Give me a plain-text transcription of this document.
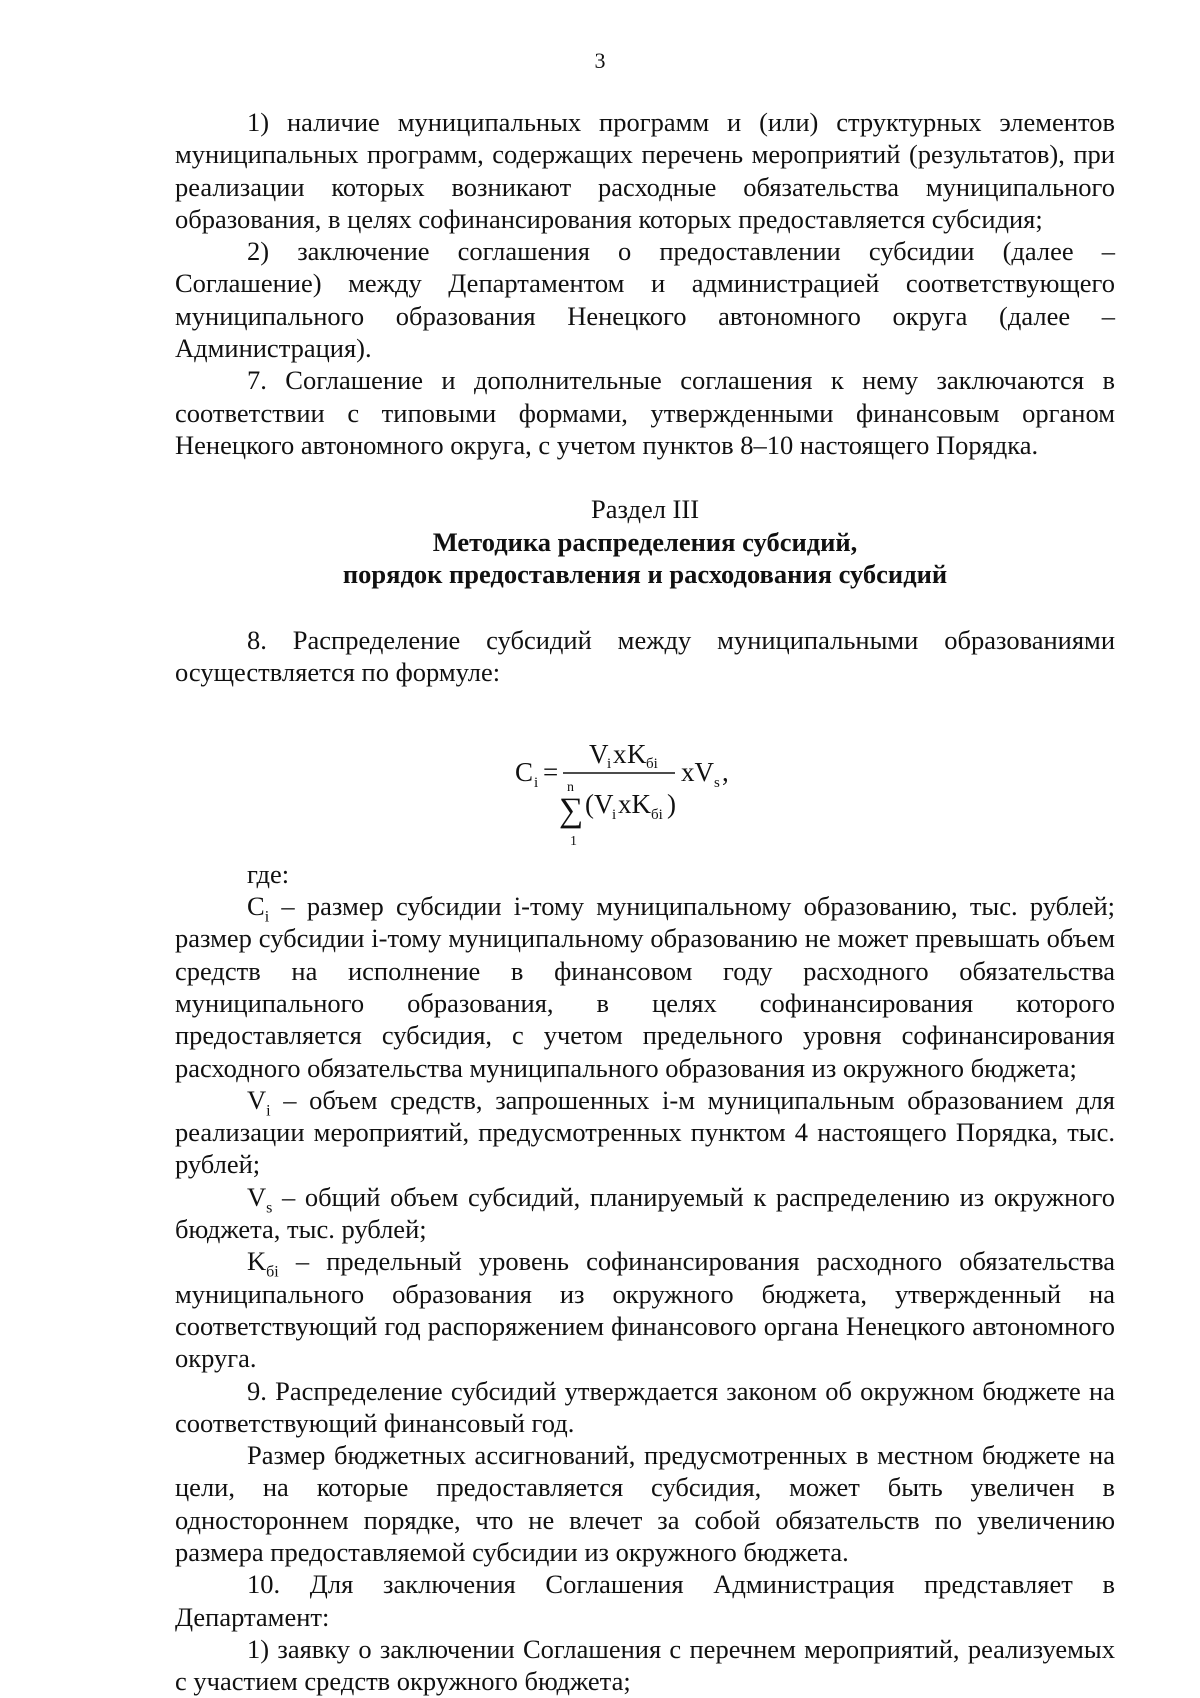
3

1) наличие муниципальных программ и (или) структурных элементов муниципальных программ, содержащих перечень мероприятий (результатов), при реализации которых возникают расходные обязательства муниципального образования, в целях софинансирования которых предоставляется субсидия;

2) заключение соглашения о предоставлении субсидии (далее – Соглашение) между Департаментом и администрацией соответствующего муниципального образования Ненецкого автономного округа (далее – Администрация).

7. Соглашение и дополнительные соглашения к нему заключаются в соответствии с типовыми формами, утвержденными финансовым органом Ненецкого автономного округа, с учетом пунктов 8–10 настоящего Порядка.

Раздел III
Методика распределения субсидий,
порядок предоставления и расходования субсидий

8. Распределение субсидий между муниципальными образованиями осуществляется по формуле:

C i =
V
i x K бi
n
∑
1
(V
i xK бi )
xV s ,

где:

$C_i$ – размер субсидии i-тому муниципальному образованию, тыс. рублей; размер субсидии i-тому муниципальному образованию не может превышать объем средств на исполнение в финансовом году расходного обязательства муниципального образования, в целях софинансирования которого предоставляется субсидия, с учетом предельного уровня софинансирования расходного обязательства муниципального образования из окружного бюджета;

$V_i$ – объем средств, запрошенных i-м муниципальным образованием для реализации мероприятий, предусмотренных пунктом 4 настоящего Порядка, тыс. рублей;

$V_s$ – общий объем субсидий, планируемый к распределению из окружного бюджета, тыс. рублей;

$K_{бi}$ – предельный уровень софинансирования расходного обязательства муниципального образования из окружного бюджета, утвержденный на соответствующий год распоряжением финансового органа Ненецкого автономного округа.

9. Распределение субсидий утверждается законом об окружном бюджете на соответствующий финансовый год.

Размер бюджетных ассигнований, предусмотренных в местном бюджете на цели, на которые предоставляется субсидия, может быть увеличен в одностороннем порядке, что не влечет за собой обязательств по увеличению размера предоставляемой субсидии из окружного бюджета.

10. Для заключения Соглашения Администрация представляет в Департамент:

1) заявку о заключении Соглашения с перечнем мероприятий, реализуемых с участием средств окружного бюджета;
